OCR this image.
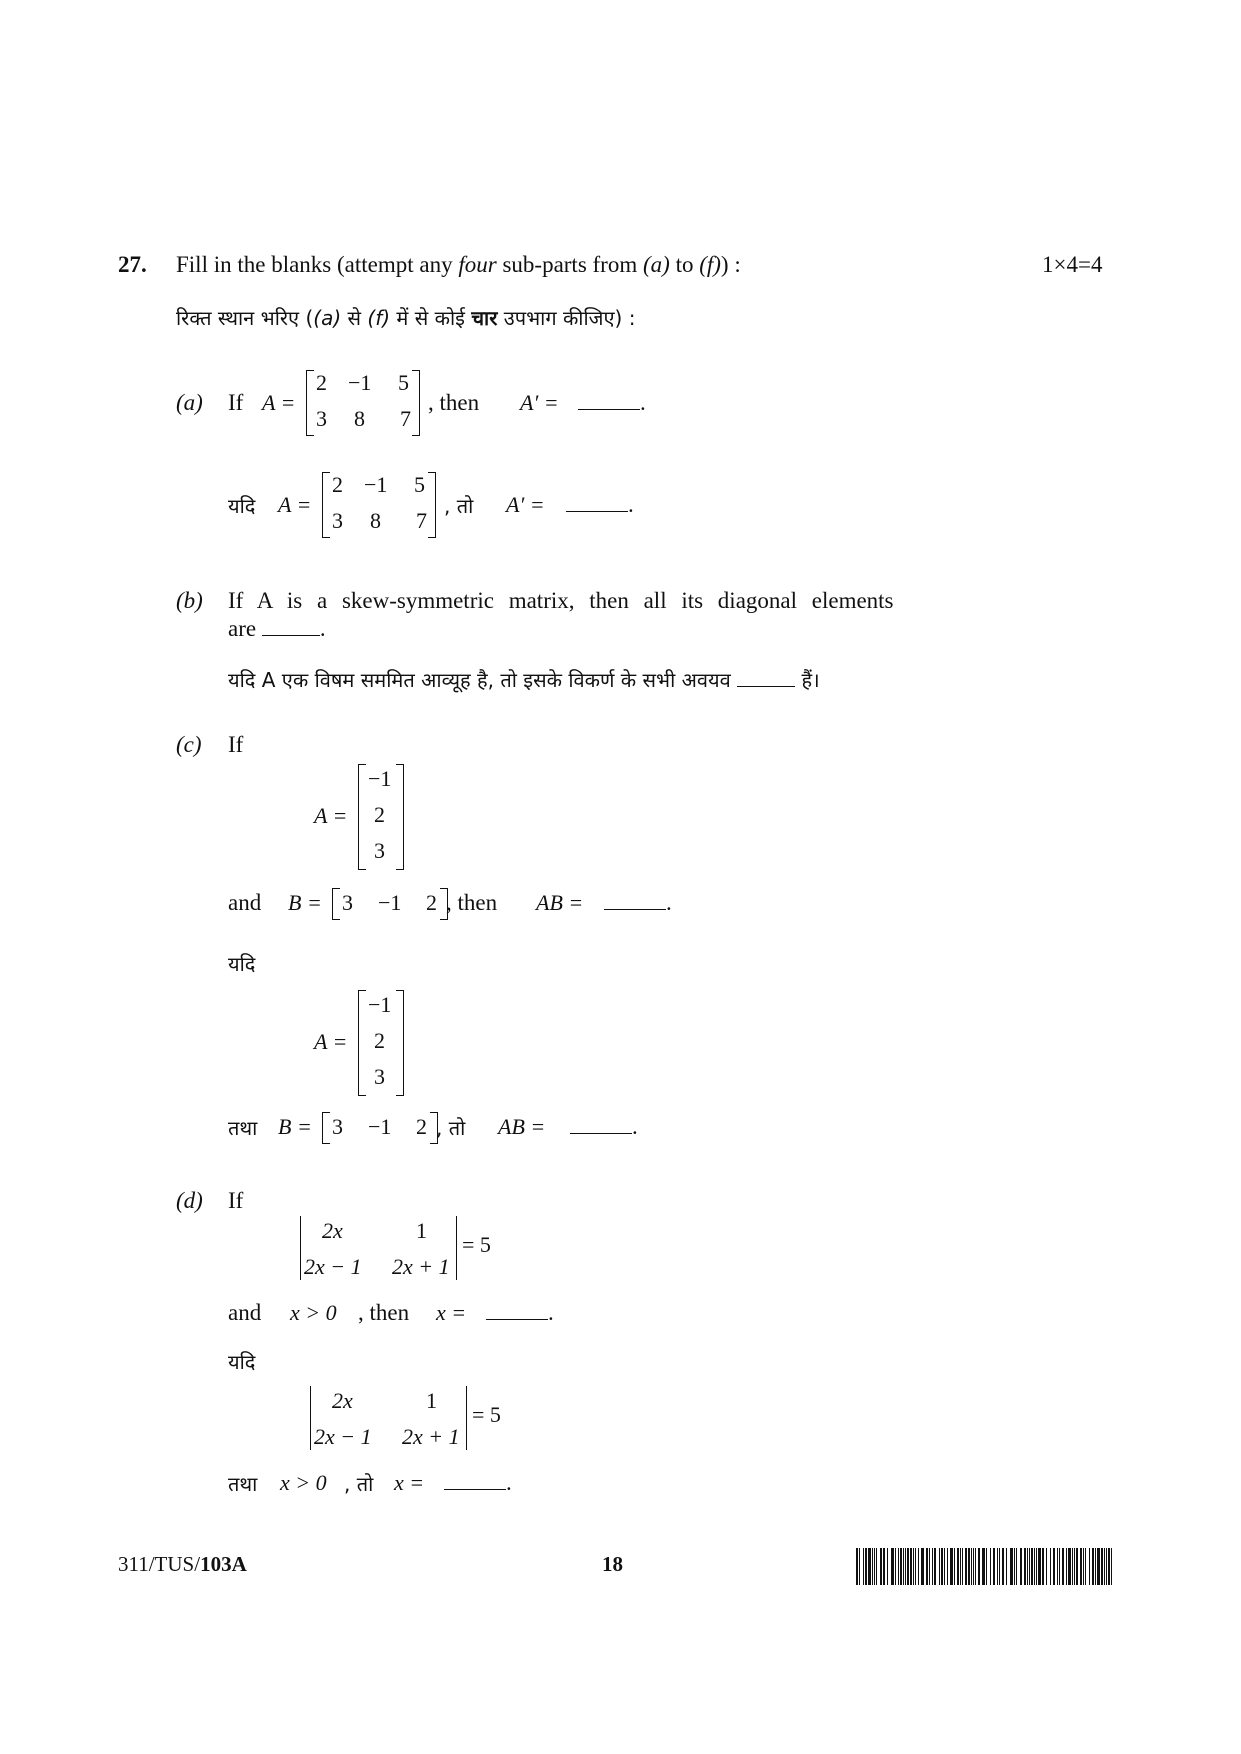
27. Fill in the blanks (attempt any four sub-parts from (a) to (f)) :	1×4=4
रिक्त स्थान भरिए ((a) से (f) में से कोई चार उपभाग कीजिए) :
(a) If A =
2 −1 5
3 8 7
, then A′ =	.
यदि A =
2 −1 5
3 8 7
, तो A′ =	.
(b) If A is a skew-symmetric matrix, then all its diagonal elements
are	.
यदि A एक विषम सममित आव्यूह है, तो इसके विकर्ण के सभी अवयव	हैं।
(c) If
A =
−1
2
3
and B = 3 −1 2 , then AB =	.
यदि
A =
−1
2
3
तथा B = 3 −1 2 , तो AB =	.
(d) If
2x	1
2x − 1 2x + 1
= 5
and x > 0 , then x =	.
यदि
2x	1
2x − 1 2x + 1
= 5
तथा x > 0 , तो x =	.
311/TUS/103A	18
